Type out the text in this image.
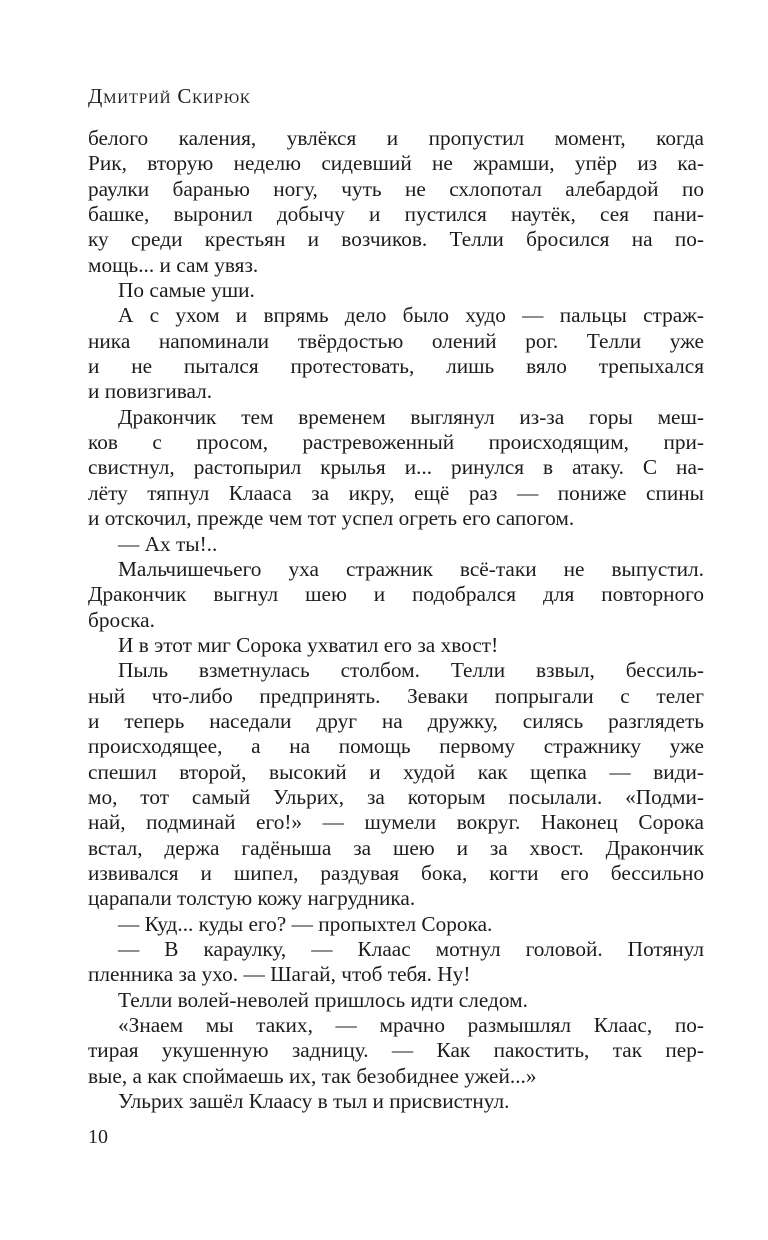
Дмитрий Скирюк
белого каления, увлёкся и пропустил момент, когда
Рик, вторую неделю сидевший не жрамши, упёр из ка-
раулки баранью ногу, чуть не схлопотал алебардой по
башке, выронил добычу и пустился наутёк, сея пани-
ку среди крестьян и возчиков. Телли бросился на по-
мощь... и сам увяз.
По самые уши.
А с ухом и впрямь дело было худо — пальцы страж-
ника напоминали твёрдостью олений рог. Телли уже
и не пытался протестовать, лишь вяло трепыхался
и повизгивал.
Дракончик тем временем выглянул из-за горы меш-
ков с просом, растревоженный происходящим, при-
свистнул, растопырил крылья и... ринулся в атаку. С на-
лёту тяпнул Клааса за икру, ещё раз — пониже спины
и отскочил, прежде чем тот успел огреть его сапогом.
— Ах ты!..
Мальчишечьего уха стражник всё-таки не выпустил.
Дракончик выгнул шею и подобрался для повторного
броска.
И в этот миг Сорока ухватил его за хвост!
Пыль взметнулась столбом. Телли взвыл, бессиль-
ный что-либо предпринять. Зеваки попрыгали с телег
и теперь наседали друг на дружку, силясь разглядеть
происходящее, а на помощь первому стражнику уже
спешил второй, высокий и худой как щепка — види-
мо, тот самый Ульрих, за которым посылали. «Подми-
най, подминай его!» — шумели вокруг. Наконец Сорока
встал, держа гадёныша за шею и за хвост. Дракончик
извивался и шипел, раздувая бока, когти его бессильно
царапали толстую кожу нагрудника.
— Куд... куды его? — пропыхтел Сорока.
— В караулку, — Клаас мотнул головой. Потянул
пленника за ухо. — Шагай, чтоб тебя. Ну!
Телли волей-неволей пришлось идти следом.
«Знаем мы таких, — мрачно размышлял Клаас, по-
тирая укушенную задницу. — Как пакостить, так пер-
вые, а как споймаешь их, так безобиднее ужей...»
Ульрих зашёл Клаасу в тыл и присвистнул.
10
